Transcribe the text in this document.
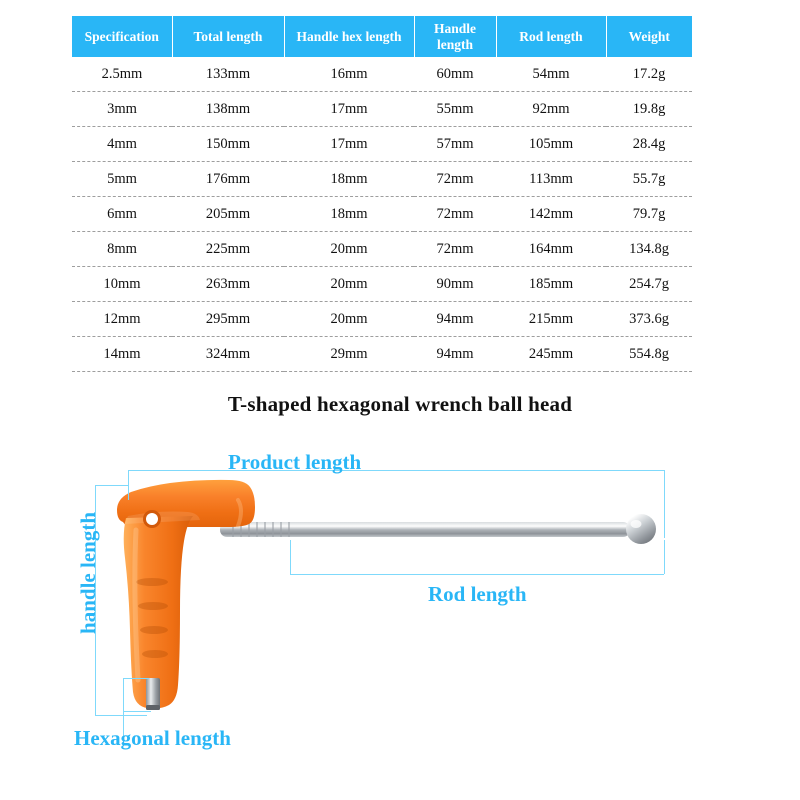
Specification	Total length	Handle hex length	Handle length	Rod length	Weight
2.5mm	133mm	16mm	60mm	54mm	17.2g
3mm	138mm	17mm	55mm	92mm	19.8g
4mm	150mm	17mm	57mm	105mm	28.4g
5mm	176mm	18mm	72mm	113mm	55.7g
6mm	205mm	18mm	72mm	142mm	79.7g
8mm	225mm	20mm	72mm	164mm	134.8g
10mm	263mm	20mm	90mm	185mm	254.7g
12mm	295mm	20mm	94mm	215mm	373.6g
14mm	324mm	29mm	94mm	245mm	554.8g
T-shaped hexagonal wrench ball head
Product length
Rod length
handle length
Hexagonal length
